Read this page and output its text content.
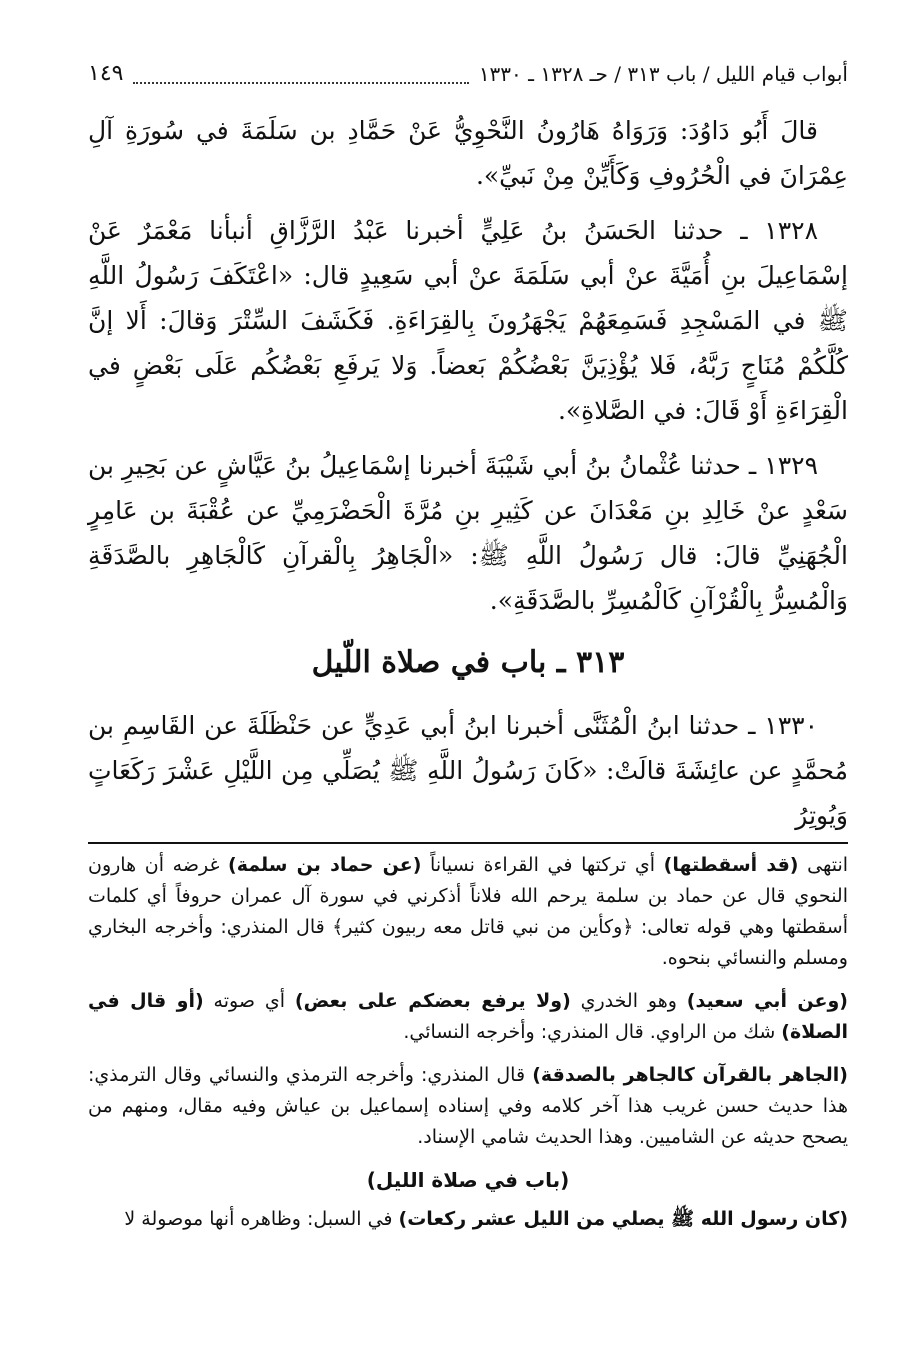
أبواب قيام الليل / باب ٣١٣ / حـ ١٣٢٨ ـ ١٣٣٠
١٤٩

قالَ أَبُو دَاوُدَ: وَرَوَاهُ هَارُونُ النَّحْوِيُّ عَنْ حَمَّادِ بن سَلَمَةَ في سُورَةِ آلِ عِمْرَانَ في الْحُرُوفِ وَكَأَيِّنْ مِنْ نَبيِّ».

١٣٢٨ ـ حدثنا الحَسَنُ بنُ عَلِيٍّ أخبرنا عَبْدُ الرَّزَّاقِ أنبأنا مَعْمَرٌ عَنْ إسْمَاعِيلَ بنِ أُمَيَّةَ عنْ أبي سَلَمَةَ عنْ أبي سَعِيدٍ قال: «اعْتَكَفَ رَسُولُ اللَّهِ ﷺ في المَسْجِدِ فَسَمِعَهُمْ يَجْهَرُونَ بِالقِرَاءَةِ. فَكَشَفَ السِّتْرَ وَقالَ: أَلا إنَّ كُلَّكُمْ مُنَاجٍ رَبَّهُ، فَلا يُؤْذِيَنَّ بَعْضُكُمْ بَعضاً. وَلا يَرفَعِ بَعْضُكُم عَلَى بَعْضٍ في الْقِرَاءَةِ أَوْ قَالَ: في الصَّلاةِ».

١٣٢٩ ـ حدثنا عُثْمانُ بنُ أبي شَيْبَةَ أخبرنا إسْمَاعِيلُ بنُ عَيَّاشٍ عن بَحِيرِ بن سَعْدٍ عنْ خَالِدِ بنِ مَعْدَانَ عن كَثِيرِ بنِ مُرَّةَ الْحَضْرَمِيِّ عن عُقْبَةَ بن عَامِرٍ الْجُهَنِيِّ قالَ: قال رَسُولُ اللَّهِ ﷺ: «الْجَاهِرُ بِالْقرآنِ كَالْجَاهِرِ بالصَّدَقَةِ وَالْمُسِرُّ بِالْقُرْآنِ كَالْمُسِرِّ بالصَّدَقَةِ».

٣١٣ ـ باب في صلاة اللّيل

١٣٣٠ ـ حدثنا ابنُ الْمُثَنَّى أخبرنا ابنُ أبي عَدِيٍّ عن حَنْظَلَةَ عن القَاسِمِ بن مُحمَّدٍ عن عائِشَةَ قالَتْ: «كَانَ رَسُولُ اللَّهِ ﷺ يُصَلِّي مِن اللَّيْلِ عَشْرَ رَكَعَاتٍ وَيُوتِرُ

انتهى (قد أسقطتها) أي تركتها في القراءة نسياناً (عن حماد بن سلمة) غرضه أن هارون النحوي قال عن حماد بن سلمة يرحم الله فلاناً أذكرني في سورة آل عمران حروفاً أي كلمات أسقطتها وهي قوله تعالى: ﴿وكأين من نبي قاتل معه ربيون كثير﴾ قال المنذري: وأخرجه البخاري ومسلم والنسائي بنحوه.

(وعن أبي سعيد) وهو الخدري (ولا يرفع بعضكم على بعض) أي صوته (أو قال في الصلاة) شك من الراوي. قال المنذري: وأخرجه النسائي.

(الجاهر بالقرآن كالجاهر بالصدقة) قال المنذري: وأخرجه الترمذي والنسائي وقال الترمذي: هذا حديث حسن غريب هذا آخر كلامه وفي إسناده إسماعيل بن عياش وفيه مقال، ومنهم من يصحح حديثه عن الشاميين. وهذا الحديث شامي الإسناد.

(باب في صلاة الليل)

(كان رسول الله ﷺ يصلي من الليل عشر ركعات) في السبل: وظاهره أنها موصولة لا
